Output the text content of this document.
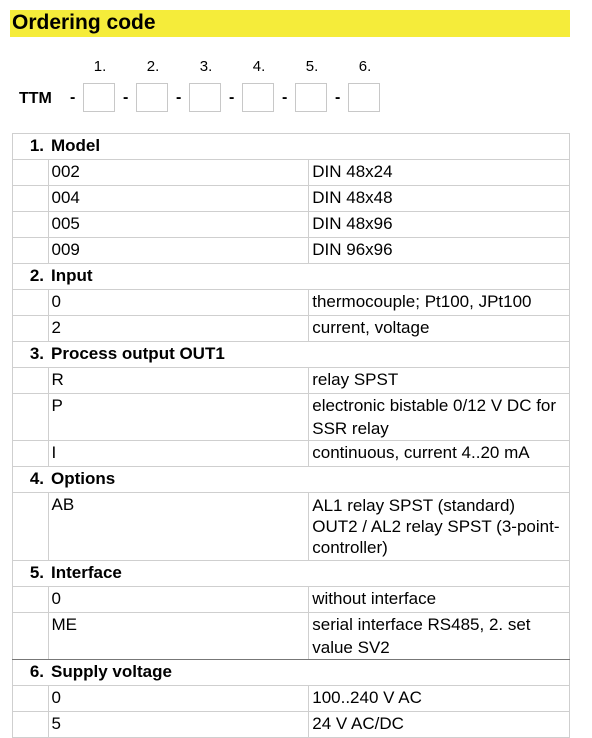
Ordering code
TTM
1.	2.	3.	4.	5.	6.
-	-	-	-	-	-
1.	Model	
	002	DIN 48x24

	004	DIN 48x48

	005	DIN 48x96

	009	DIN 96x96

2.	Input	
	0	thermocouple; Pt100, JPt100

	2	current, voltage

3.	Process output OUT1	
	R	relay SPST

	P	electronic bistable 0/12 V DC for SSR relay

	I	continuous, current 4..20 mA

4.	Options	
	AB	AL1 relay SPST (standard)
OUT2 / AL2 relay SPST (3-point-controller)

5.	Interface	
	0	without interface

	ME	serial interface RS485, 2. set value SV2

6.	Supply voltage	
	0	100..240 V AC

	5	24 V AC/DC
